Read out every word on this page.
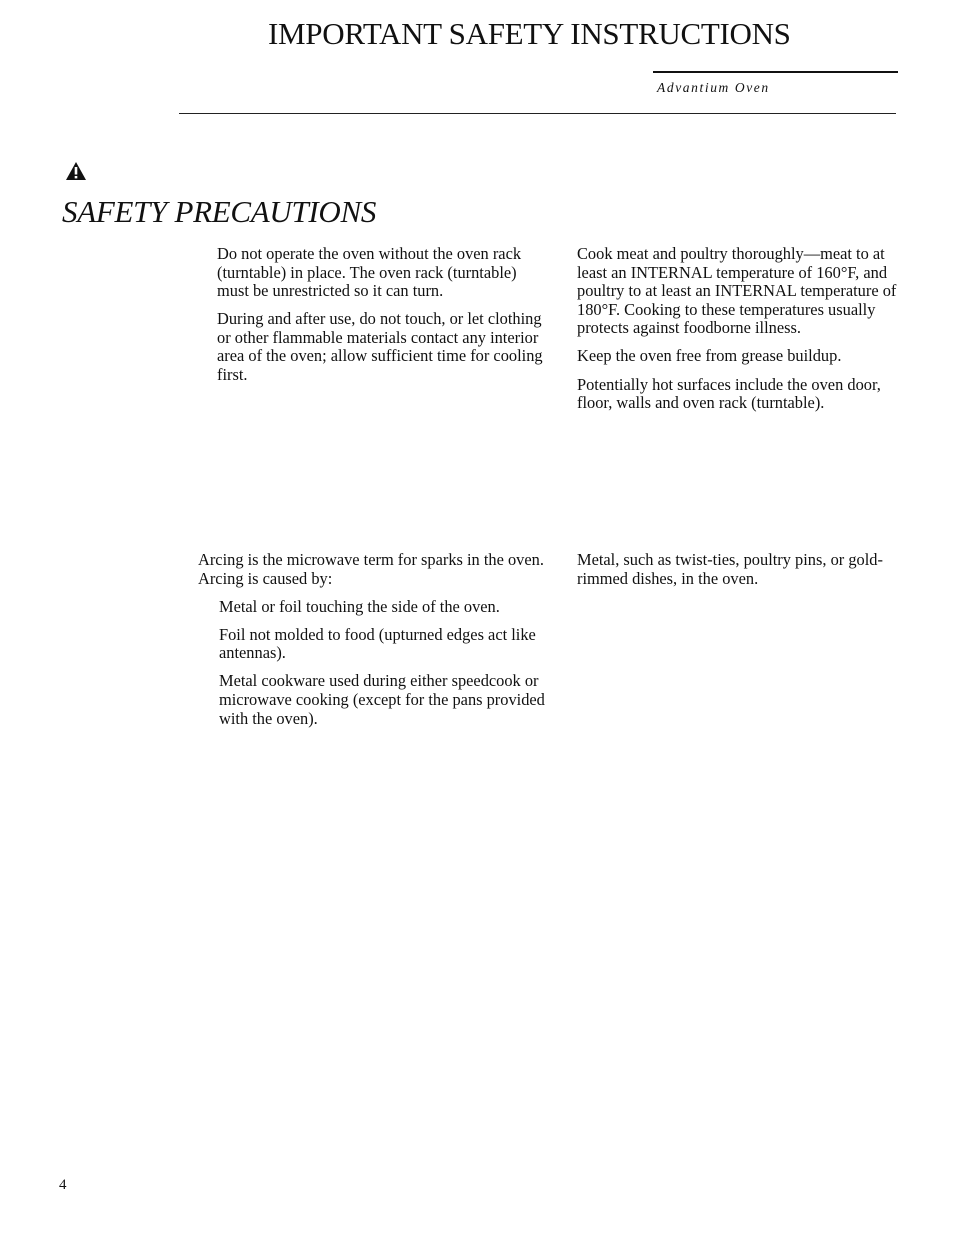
IMPORTANT SAFETY INSTRUCTIONS
Advantium Oven
SAFETY PRECAUTIONS

Do not operate the oven without the oven rack (turntable) in place. The oven rack (turntable) must be unrestricted so it can turn.

During and after use, do not touch, or let clothing or other flammable materials contact any interior area of the oven; allow sufficient time for cooling first.

Cook meat and poultry thoroughly—meat to at least an INTERNAL temperature of 160°F, and poultry to at least an INTERNAL temperature of 180°F. Cooking to these temperatures usually protects against foodborne illness.

Keep the oven free from grease buildup.

Potentially hot surfaces include the oven door, floor, walls and oven rack (turntable).

Arcing is the microwave term for sparks in the oven. Arcing is caused by:

Metal or foil touching the side of the oven.

Foil not molded to food (upturned edges act like antennas).

Metal cookware used during either speedcook or microwave cooking (except for the pans provided with the oven).

Metal, such as twist-ties, poultry pins, or gold-rimmed dishes, in the oven.

4
